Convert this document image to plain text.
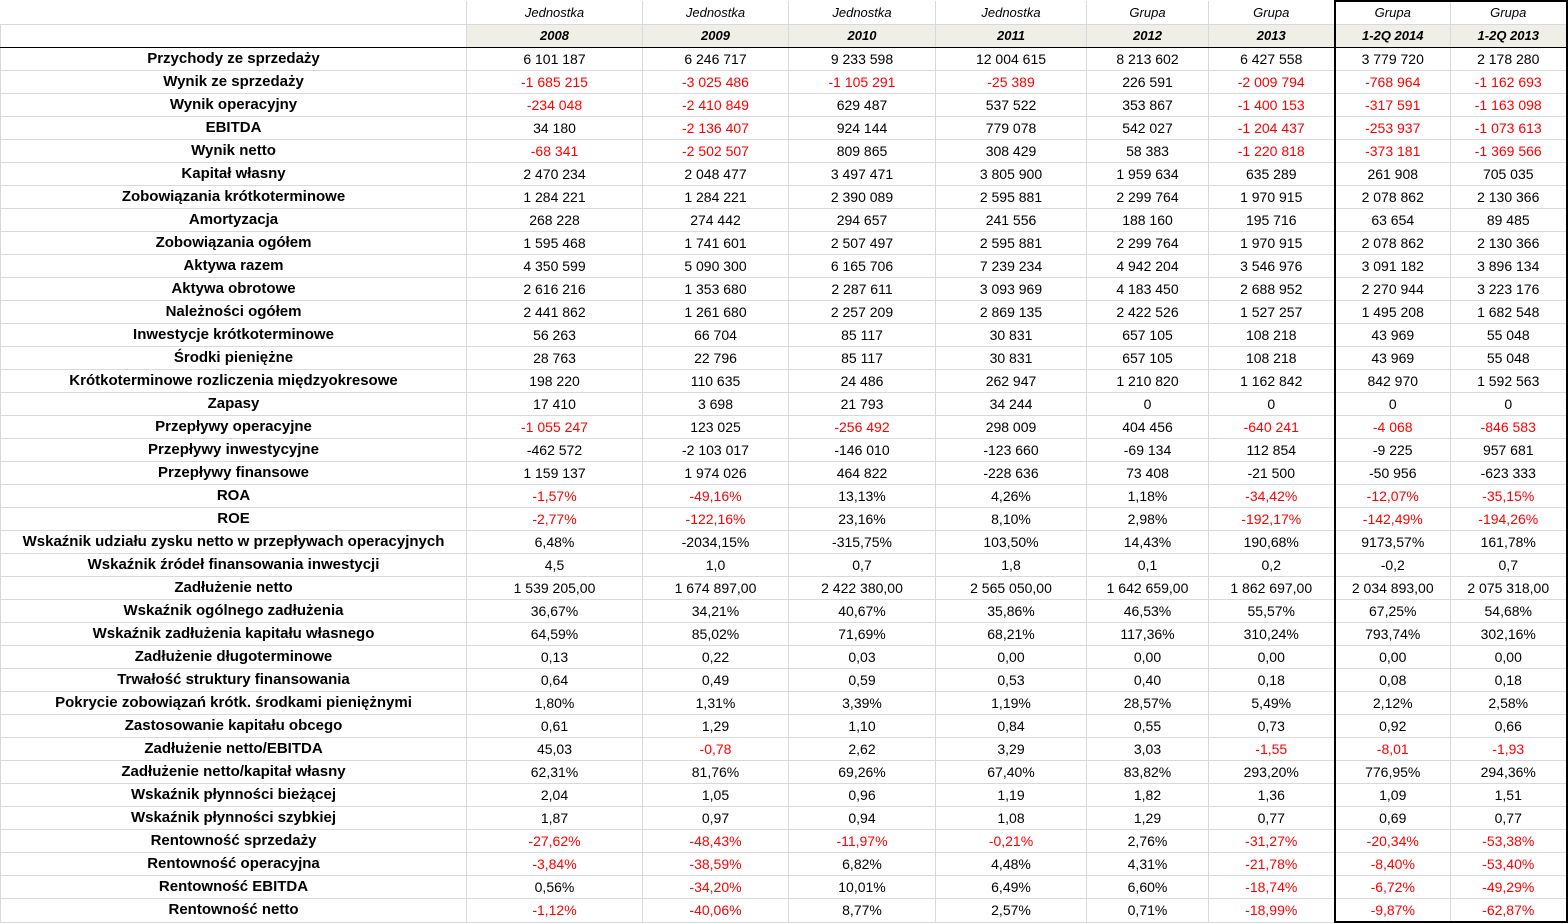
	Jednostka	Jednostka	Jednostka	Jednostka	Grupa	Grupa	Grupa	Grupa
	2008	2009	2010	2011	2012	2013	1-2Q 2014	1-2Q 2013
Przychody ze sprzedaży	6 101 187	6 246 717	9 233 598	12 004 615	8 213 602	6 427 558	3 779 720	2 178 280
Wynik ze sprzedaży	-1 685 215	-3 025 486	-1 105 291	-25 389	226 591	-2 009 794	-768 964	-1 162 693
Wynik operacyjny	-234 048	-2 410 849	629 487	537 522	353 867	-1 400 153	-317 591	-1 163 098
EBITDA	34 180	-2 136 407	924 144	779 078	542 027	-1 204 437	-253 937	-1 073 613
Wynik netto	-68 341	-2 502 507	809 865	308 429	58 383	-1 220 818	-373 181	-1 369 566
Kapitał własny	2 470 234	2 048 477	3 497 471	3 805 900	1 959 634	635 289	261 908	705 035
Zobowiązania krótkoterminowe	1 284 221	1 284 221	2 390 089	2 595 881	2 299 764	1 970 915	2 078 862	2 130 366
Amortyzacja	268 228	274 442	294 657	241 556	188 160	195 716	63 654	89 485
Zobowiązania ogółem	1 595 468	1 741 601	2 507 497	2 595 881	2 299 764	1 970 915	2 078 862	2 130 366
Aktywa razem	4 350 599	5 090 300	6 165 706	7 239 234	4 942 204	3 546 976	3 091 182	3 896 134
Aktywa obrotowe	2 616 216	1 353 680	2 287 611	3 093 969	4 183 450	2 688 952	2 270 944	3 223 176
Należności ogółem	2 441 862	1 261 680	2 257 209	2 869 135	2 422 526	1 527 257	1 495 208	1 682 548
Inwestycje krótkoterminowe	56 263	66 704	85 117	30 831	657 105	108 218	43 969	55 048
Środki pieniężne	28 763	22 796	85 117	30 831	657 105	108 218	43 969	55 048
Krótkoterminowe rozliczenia międzyokresowe	198 220	110 635	24 486	262 947	1 210 820	1 162 842	842 970	1 592 563
Zapasy	17 410	3 698	21 793	34 244	0	0	0	0
Przepływy operacyjne	-1 055 247	123 025	-256 492	298 009	404 456	-640 241	-4 068	-846 583
Przepływy inwestycyjne	-462 572	-2 103 017	-146 010	-123 660	-69 134	112 854	-9 225	957 681
Przepływy finansowe	1 159 137	1 974 026	464 822	-228 636	73 408	-21 500	-50 956	-623 333
ROA	-1,57%	-49,16%	13,13%	4,26%	1,18%	-34,42%	-12,07%	-35,15%
ROE	-2,77%	-122,16%	23,16%	8,10%	2,98%	-192,17%	-142,49%	-194,26%
Wskaźnik udziału zysku netto w przepływach operacyjnych	6,48%	-2034,15%	-315,75%	103,50%	14,43%	190,68%	9173,57%	161,78%
Wskaźnik źródeł finansowania inwestycji	4,5	1,0	0,7	1,8	0,1	0,2	-0,2	0,7
Zadłużenie netto	1 539 205,00	1 674 897,00	2 422 380,00	2 565 050,00	1 642 659,00	1 862 697,00	2 034 893,00	2 075 318,00
Wskaźnik ogólnego zadłużenia	36,67%	34,21%	40,67%	35,86%	46,53%	55,57%	67,25%	54,68%
Wskaźnik zadłużenia kapitału własnego	64,59%	85,02%	71,69%	68,21%	117,36%	310,24%	793,74%	302,16%
Zadłużenie długoterminowe	0,13	0,22	0,03	0,00	0,00	0,00	0,00	0,00
Trwałość struktury finansowania	0,64	0,49	0,59	0,53	0,40	0,18	0,08	0,18
Pokrycie zobowiązań krótk. środkami pieniężnymi	1,80%	1,31%	3,39%	1,19%	28,57%	5,49%	2,12%	2,58%
Zastosowanie kapitału obcego	0,61	1,29	1,10	0,84	0,55	0,73	0,92	0,66
Zadłużenie netto/EBITDA	45,03	-0,78	2,62	3,29	3,03	-1,55	-8,01	-1,93
Zadłużenie netto/kapitał własny	62,31%	81,76%	69,26%	67,40%	83,82%	293,20%	776,95%	294,36%
Wskaźnik płynności bieżącej	2,04	1,05	0,96	1,19	1,82	1,36	1,09	1,51
Wskaźnik płynności szybkiej	1,87	0,97	0,94	1,08	1,29	0,77	0,69	0,77
Rentowność sprzedaży	-27,62%	-48,43%	-11,97%	-0,21%	2,76%	-31,27%	-20,34%	-53,38%
Rentowność operacyjna	-3,84%	-38,59%	6,82%	4,48%	4,31%	-21,78%	-8,40%	-53,40%
Rentowność EBITDA	0,56%	-34,20%	10,01%	6,49%	6,60%	-18,74%	-6,72%	-49,29%
Rentowność netto	-1,12%	-40,06%	8,77%	2,57%	0,71%	-18,99%	-9,87%	-62,87%
